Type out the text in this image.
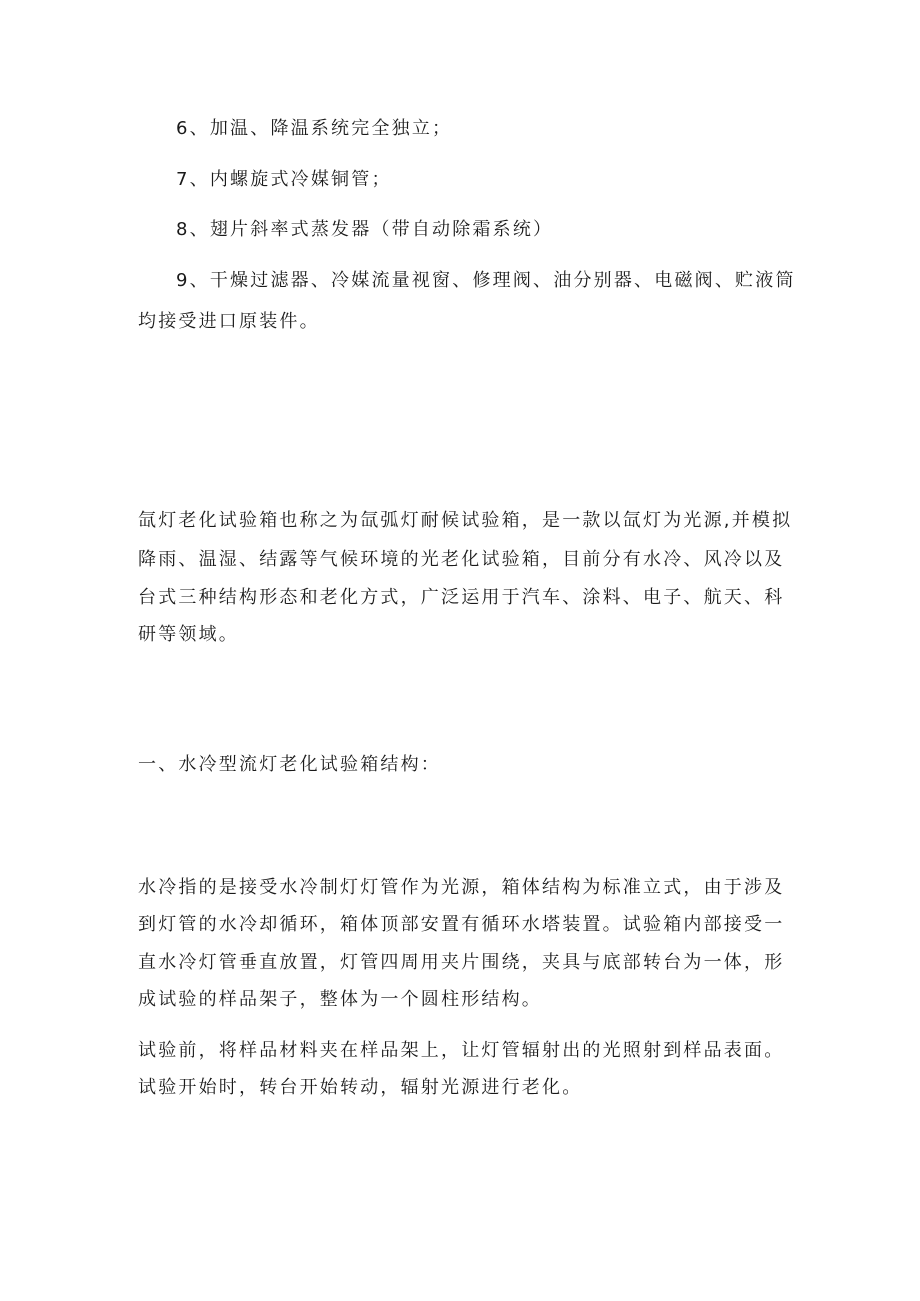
6、加温、降温系统完全独立；
7、内螺旋式冷媒铜管；
8、翅片斜率式蒸发器（带自动除霜系统）
9、干燥过滤器、冷媒流量视窗、修理阀、油分别器、电磁阀、贮液筒
均接受进口原装件。
氙灯老化试验箱也称之为氙弧灯耐候试验箱，是一款以氙灯为光源,并模拟
降雨、温湿、结露等气候环境的光老化试验箱，目前分有水冷、风冷以及
台式三种结构形态和老化方式，广泛运用于汽车、涂料、电子、航天、科
研等领域。
一、水冷型流灯老化试验箱结构：
水冷指的是接受水冷制灯灯管作为光源，箱体结构为标准立式，由于涉及
到灯管的水冷却循环，箱体顶部安置有循环水塔装置。试验箱内部接受一
直水冷灯管垂直放置，灯管四周用夹片围绕，夹具与底部转台为一体，形
成试验的样品架子，整体为一个圆柱形结构。
试验前，将样品材料夹在样品架上，让灯管辐射出的光照射到样品表面。
试验开始时，转台开始转动，辐射光源进行老化。
